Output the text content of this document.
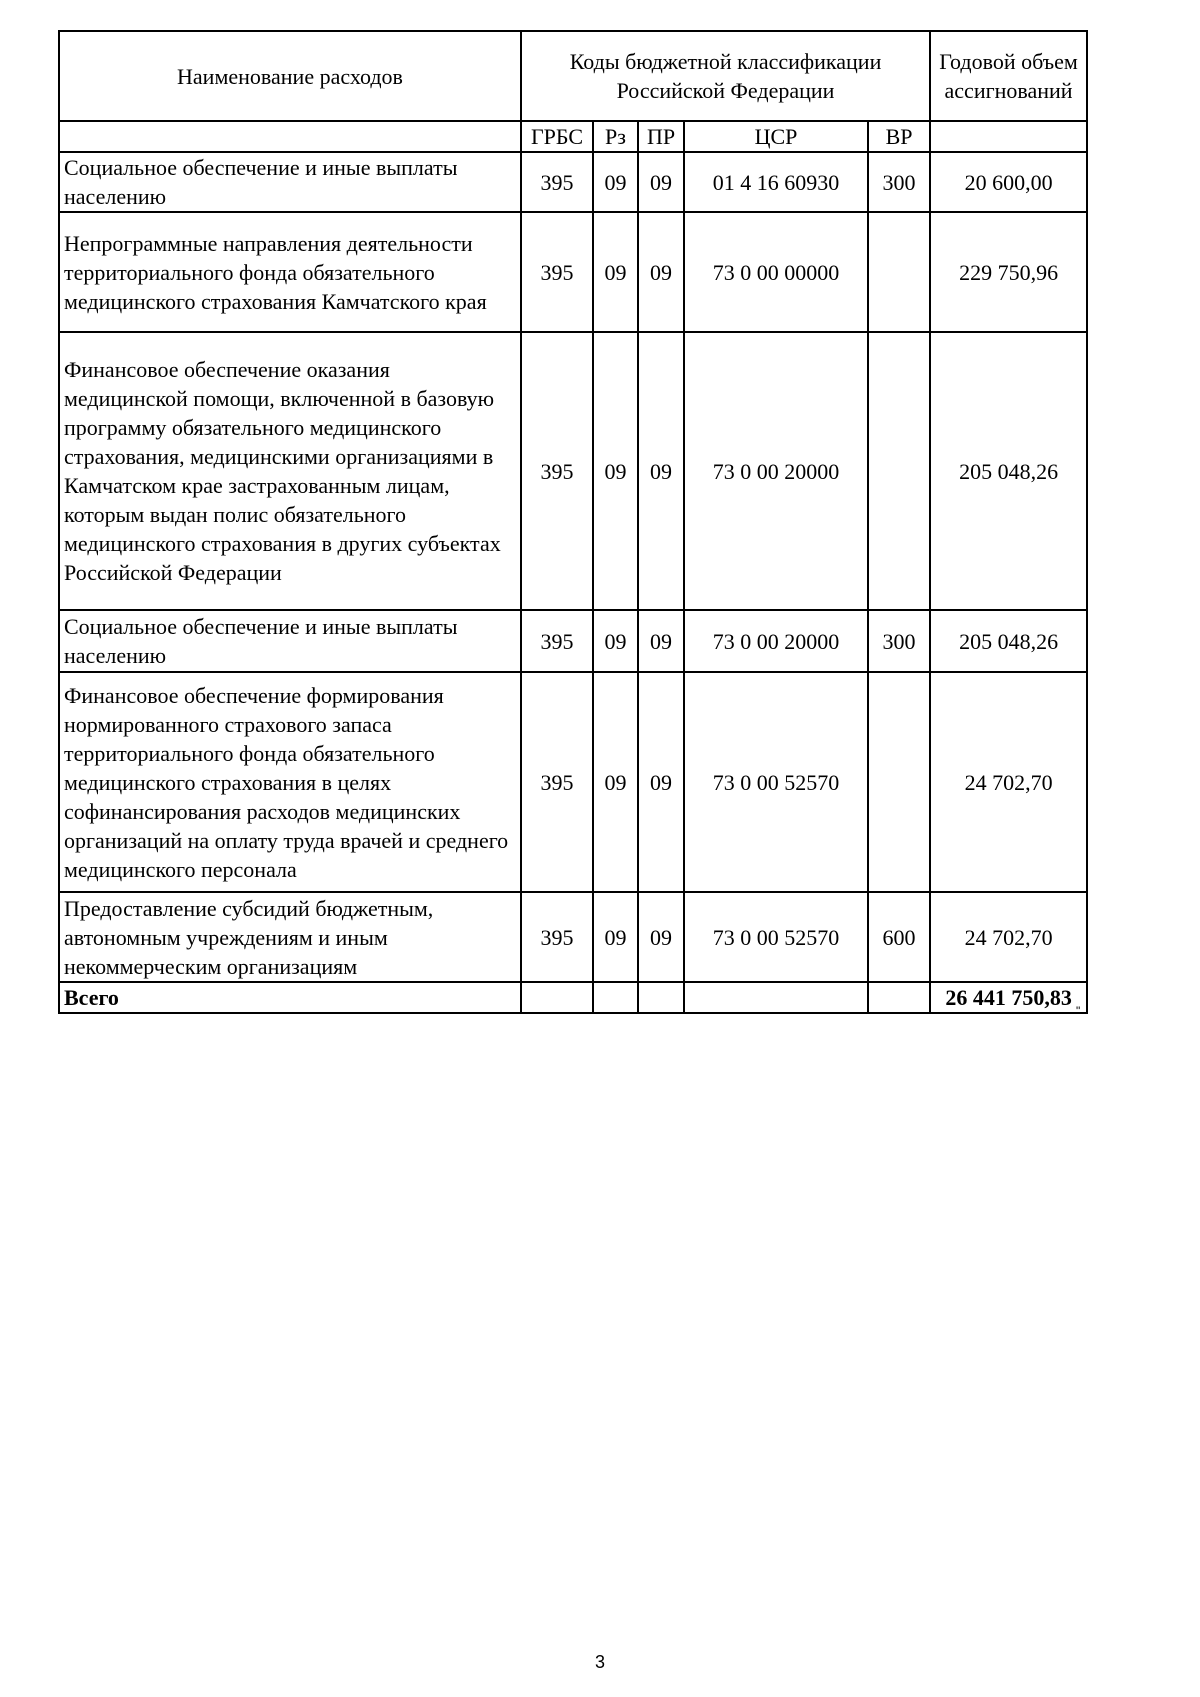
Наименование расходов	Коды бюджетной классификации Российской Федерации					Годовой объем ассигнований
	ГРБС	Рз	ПР	ЦСР	ВР	
Социальное обеспечение и иные выплаты населению	395	09	09	01 4 16 60930	300	20 600,00
Непрограммные направления деятельности территориального фонда обязательного медицинского страхования Камчатского края	395	09	09	73 0 00 00000		229 750,96
Финансовое обеспечение оказания медицинской помощи, включенной в базовую программу обязательного медицинского страхования, медицинскими организациями в Камчатском крае застрахованным лицам, которым выдан полис обязательного медицинского страхования в других субъектах Российской Федерации	395	09	09	73 0 00 20000		205 048,26
Социальное обеспечение и иные выплаты населению	395	09	09	73 0 00 20000	300	205 048,26
Финансовое обеспечение формирования нормированного страхового запаса территориального фонда обязательного медицинского страхования в целях софинансирования расходов медицинских организаций на оплату труда врачей и среднего медицинского персонала	395	09	09	73 0 00 52570		24 702,70
Предоставление субсидий бюджетным, автономным учреждениям и иным некоммерческим организациям	395	09	09	73 0 00 52570	600	24 702,70
Всего						26 441 750,83
"
3
